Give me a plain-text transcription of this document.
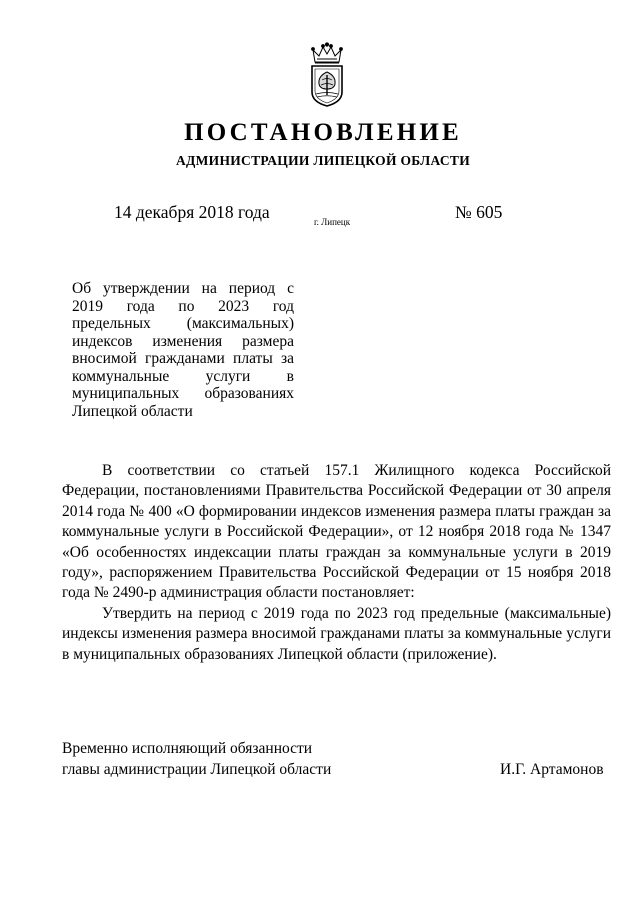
ПОСТАНОВЛЕНИЕ
АДМИНИСТРАЦИИ ЛИПЕЦКОЙ ОБЛАСТИ
14 декабря 2018 года	г. Липецк	№ 605
Об утверждении на период с 2019 года по 2023 год предельных (максимальных) индексов изменения размера вносимой гражданами платы за коммунальные услуги в муниципальных образованиях Липецкой области

В соответствии со статьей 157.1 Жилищного кодекса Российской Федерации, постановлениями Правительства Российской Федерации от 30 апреля 2014 года № 400 «О формировании индексов изменения размера платы граждан за коммунальные услуги в Российской Федерации», от 12 ноября 2018 года № 1347 «Об особенностях индексации платы граждан за коммунальные услуги в 2019 году», распоряжением Правительства Российской Федерации от 15 ноября 2018 года № 2490-р администрация области постановляет:

Утвердить на период с 2019 года по 2023 год предельные (максимальные) индексы изменения размера вносимой гражданами платы за коммунальные услуги в муниципальных образованиях Липецкой области (приложение).

Временно исполняющий обязанности
главы администрации Липецкой области	И.Г. Артамонов
